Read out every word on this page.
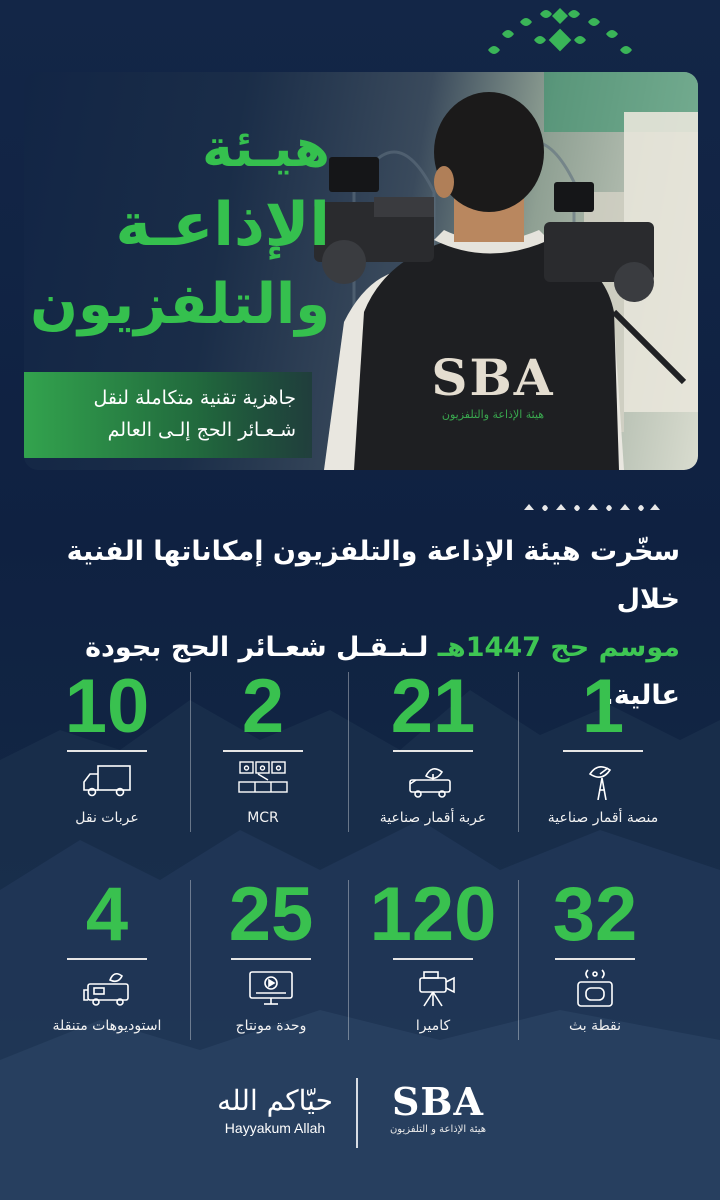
SBA
هيئة الإذاعة والتلفزيون
هيـئة
الإذاعـة
والتلفزيون
جاهزية تقنية متكاملة لنقل
شـعـائر الحج إلـى العالم
سخّرت هيئة الإذاعة والتلفزيون إمكاناتها الفنية خلال
موسم حج 1447هـ لـنـقـل شعـائر الحج بجودة عالية.
1
منصة أقمار صناعية
21
عربة أقمار صناعية
2
MCR
10
عربات نقل
32
نقطة بث
120
كاميرا
25
وحدة مونتاج
4
استوديوهات متنقلة
حيّاكم الله
Hayyakum Allah
SBA
هيئة الإذاعة و التلفزيون
